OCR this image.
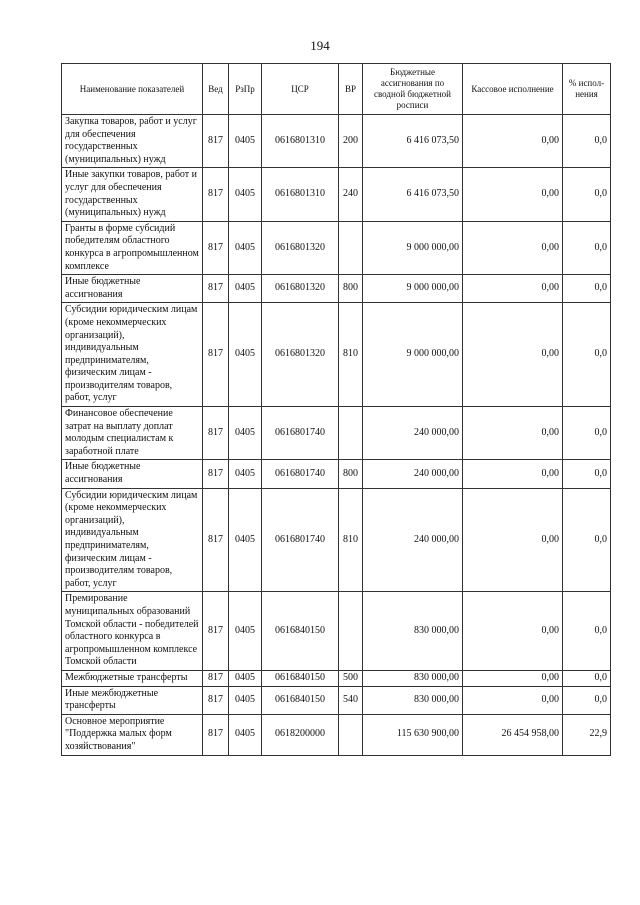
194
Наименование показателей	Вед	РзПр	ЦСР	ВР	Бюджетные ассигнования по сводной бюджетной росписи	Кассовое исполнение	% испол-нения
Закупка товаров, работ и услуг для обеспечения государственных (муниципальных) нужд	817	0405	0616801310	200	6 416 073,50	0,00	0,0
Иные закупки товаров, работ и услуг для обеспечения государственных (муниципальных) нужд	817	0405	0616801310	240	6 416 073,50	0,00	0,0
Гранты в форме субсидий победителям областного конкурса в агропромышленном комплексе	817	0405	0616801320		9 000 000,00	0,00	0,0
Иные бюджетные ассигнования	817	0405	0616801320	800	9 000 000,00	0,00	0,0
Субсидии юридическим лицам (кроме некоммерческих организаций), индивидуальным предпринимателям, физическим лицам - производителям товаров, работ, услуг	817	0405	0616801320	810	9 000 000,00	0,00	0,0
Финансовое обеспечение затрат на выплату доплат молодым специалистам к заработной плате	817	0405	0616801740		240 000,00	0,00	0,0
Иные бюджетные ассигнования	817	0405	0616801740	800	240 000,00	0,00	0,0
Субсидии юридическим лицам (кроме некоммерческих организаций), индивидуальным предпринимателям, физическим лицам - производителям товаров, работ, услуг	817	0405	0616801740	810	240 000,00	0,00	0,0
Премирование муниципальных образований Томской области - победителей областного конкурса в агропромышленном комплексе Томской области	817	0405	0616840150		830 000,00	0,00	0,0
Межбюджетные трансферты	817	0405	0616840150	500	830 000,00	0,00	0,0
Иные межбюджетные трансферты	817	0405	0616840150	540	830 000,00	0,00	0,0
Основное мероприятие "Поддержка малых форм хозяйствования"	817	0405	0618200000		115 630 900,00	26 454 958,00	22,9
